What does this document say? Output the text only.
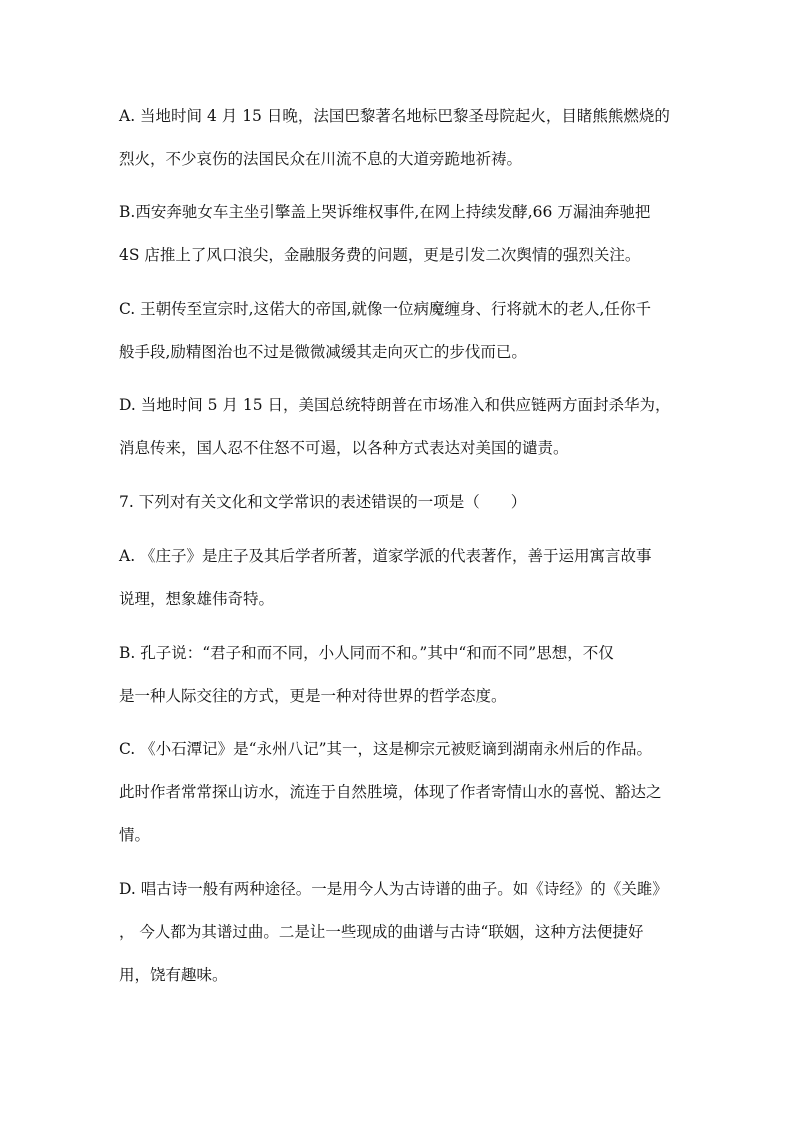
A. 当地时间 4 月 15 日晚，法国巴黎著名地标巴黎圣母院起火，目睹熊熊燃烧的
烈火，不少哀伤的法国民众在川流不息的大道旁跪地祈祷。
B.西安奔驰女车主坐引擎盖上哭诉维权事件,在网上持续发酵,66 万漏油奔驰把
4S 店推上了风口浪尖，金融服务费的问题，更是引发二次舆情的强烈关注。
C. 王朝传至宣宗时,这偌大的帝国,就像一位病魔缠身、行将就木的老人,任你千
般手段,励精图治也不过是微微减缓其走向灭亡的步伐而已。
D. 当地时间 5 月 15 日，美国总统特朗普在市场准入和供应链两方面封杀华为，
消息传来，国人忍不住怒不可遏，以各种方式表达对美国的谴责。
7. 下列对有关文化和文学常识的表述错误的一项是（　　）
A. 《庄子》是庄子及其后学者所著，道家学派的代表著作，善于运用寓言故事
说理，想象雄伟奇特。
B. 孔子说：“君子和而不同，小人同而不和。”其中“和而不同”思想，不仅
是一种人际交往的方式，更是一种对待世界的哲学态度。
C. 《小石潭记》是“永州八记”其一，这是柳宗元被贬谪到湖南永州后的作品。
此时作者常常探山访水，流连于自然胜境，体现了作者寄情山水的喜悦、豁达之
情。
D. 唱古诗一般有两种途径。一是用今人为古诗谱的曲子。如《诗经》的《关雎》
， 今人都为其谱过曲。二是让一些现成的曲谱与古诗“联姻，这种方法便捷好
用，饶有趣味。
